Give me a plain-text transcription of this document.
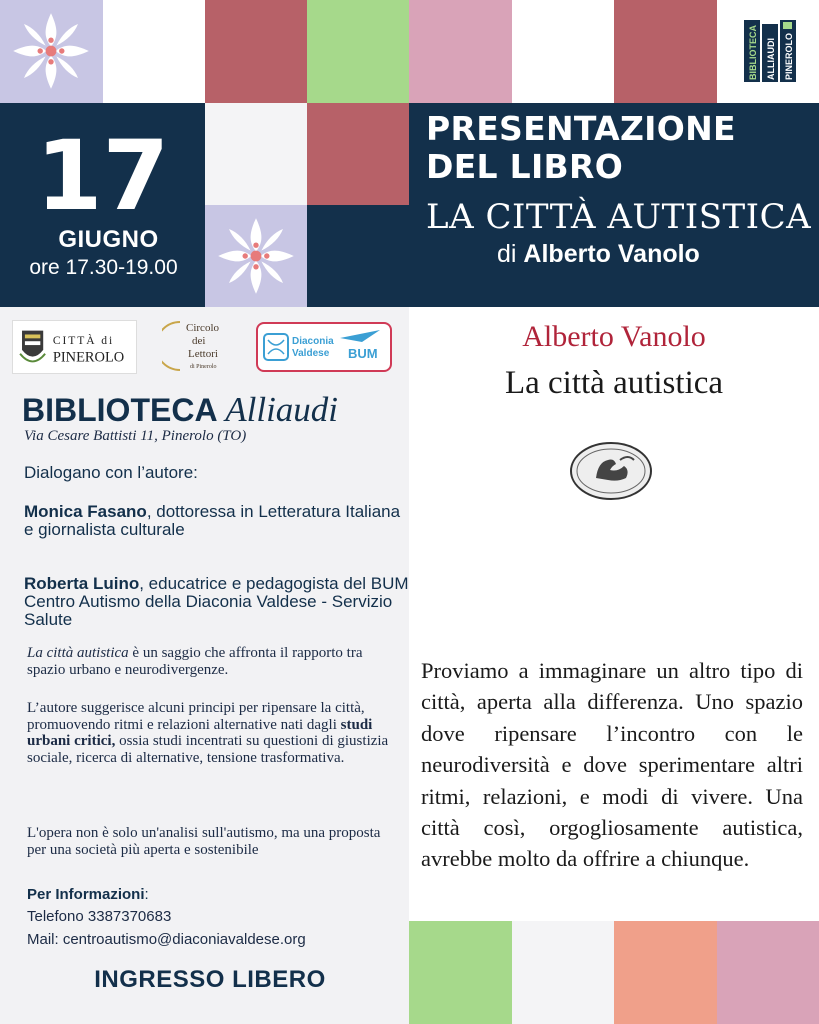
BIBLIOTECA ALLIAUDI PINEROLO
17
GIUGNO
ore 17.30-19.00
PRESENTAZIONE
DEL LIBRO
LA CITTÀ AUTISTICA
di Alberto Vanolo
CITTÀ di
PINEROLO
Circolo
dei
Lettori
di Pinerolo
Diaconia
Valdese BUM
BIBLIOTECA Alliaudi
Via Cesare Battisti 11, Pinerolo (TO)
Dialogano con l’autore:
Monica Fasano, dottoressa in Letteratura Italiana e giornalista culturale
Roberta Luino, educatrice e pedagogista del BUM Centro Autismo della Diaconia Valdese - Servizio Salute
La città autistica è un saggio che affronta il rapporto tra spazio urbano e neurodivergenze.
L’autore suggerisce alcuni principi per ripensare la città, promuovendo ritmi e relazioni alternative nati dagli studi urbani critici, ossia studi incentrati su questioni di giustizia sociale, ricerca di alternative, tensione trasformativa.
L'opera non è solo un'analisi sull'autismo, ma una proposta per una società più aperta e sostenibile
Per Informazioni:
Telefono 3387370683
Mail: centroautismo@diaconiavaldese.org
INGRESSO LIBERO
Alberto Vanolo
La città autistica
Proviamo a immaginare un altro tipo di città, aperta alla differenza. Uno spazio dove ripensare l’incontro con le neurodiversità e dove sperimentare altri ritmi, relazioni, e modi di vivere. Una città così, orgogliosamente autistica, avrebbe molto da offrire a chiunque.
